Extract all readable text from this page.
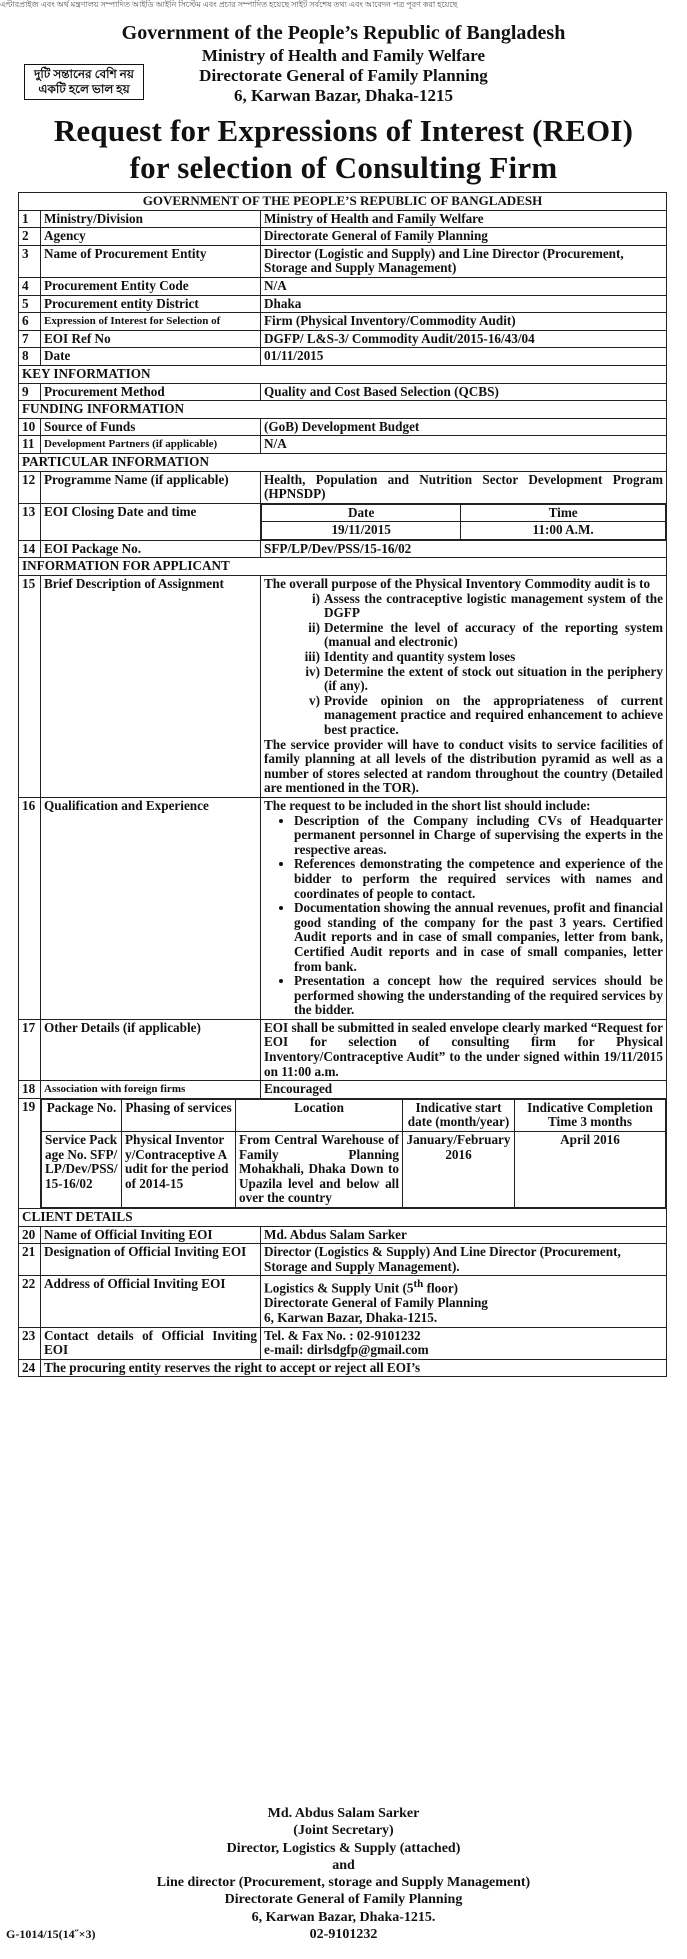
এন্টারপ্রাইজ এবং অর্থ মন্ত্রণালয় সম্পাদিত আইডি আইনি সিস্টেম এবং প্রচার সম্পাদিত হয়েছে সাইট সর্বশেষ তথ্য এবং আবেদন পত্র পূরণ করা হয়েছে
Government of the People’s Republic of Bangladesh
Ministry of Health and Family Welfare
Directorate General of Family Planning
6, Karwan Bazar, Dhaka-1215
দুটি সন্তানের বেশি নয়
একটি হলে ভাল হয়
Request for Expressions of Interest (REOI)
for selection of Consulting Firm
GOVERNMENT OF THE PEOPLE’S REPUBLIC OF BANGLADESH
1	Ministry/Division	Ministry of Health and Family Welfare
2	Agency	Directorate General of Family Planning
3	Name of Procurement Entity	Director (Logistic and Supply) and Line Director (Procurement, Storage and Supply Management)
4	Procurement Entity Code	N/A
5	Procurement entity District	Dhaka
6	Expression of Interest for Selection of	Firm (Physical Inventory/Commodity Audit)
7	EOI Ref No	DGFP/ L&S-3/ Commodity Audit/2015-16/43/04
8	Date	01/11/2015
KEY INFORMATION
9	Procurement Method	Quality and Cost Based Selection (QCBS)
FUNDING INFORMATION
10	Source of Funds	(GoB) Development Budget
11	Development Partners (if applicable)	N/A
PARTICULAR INFORMATION
12	Programme Name (if applicable)	Health, Population and Nutrition Sector Development Program (HPNSDP)
13	EOI Closing Date and time		Date	Time
19/11/2015	11:00 A.M.

14	EOI Package No.	SFP/LP/Dev/PSS/15-16/02
INFORMATION FOR APPLICANT
15	Brief Description of Assignment	The overall purpose of the Physical Inventory Commodity audit is to
i) Assess the contraceptive logistic management system of the DGFP
ii) Determine the level of accuracy of the reporting system (manual and electronic)
iii) Identity and quantity system loses
iv) Determine the extent of stock out situation in the periphery (if any).
v) Provide opinion on the appropriateness of current management practice and required enhancement to achieve best practice.
The service provider will have to conduct visits to service facilities of family planning at all levels of the distribution pyramid as well as a number of stores selected at random throughout the country (Detailed are mentioned in the TOR).

16	Qualification and Experience	The request to be included in the short list should include:
• Description of the Company including CVs of Headquarter permanent personnel in Charge of supervising the experts in the respective areas.
• References demonstrating the competence and experience of the bidder to perform the required services with names and coordinates of people to contact.
• Documentation showing the annual revenues, profit and financial good standing of the company for the past 3 years. Certified Audit reports and in case of small companies, letter from bank, Certified Audit reports and in case of small companies, letter from bank.
• Presentation a concept how the required services should be performed showing the understanding of the required services by the bidder.

17	Other Details (if applicable)	EOI shall be submitted in sealed envelope clearly marked “Request for EOI for selection of consulting firm for Physical Inventory/Contraceptive Audit” to the under signed within 19/11/2015 on 11:00 a.m.
18	Association with foreign firms	Encouraged
19	Package No.	Phasing of services	Location	Indicative start date (month/year)	Indicative Completion Time 3 months
Service Package No. SFP/LP/Dev/PSS/15-16/02	Physical Inventory/Contraceptive Audit for the period of 2014-15	From Central Warehouse of Family Planning Mohakhali, Dhaka Down to Upazila level and below all over the country	January/February 2016	April 2016

CLIENT DETAILS
20	Name of Official Inviting EOI	Md. Abdus Salam Sarker
21	Designation of Official Inviting EOI	Director (Logistics & Supply) And Line Director (Procurement, Storage and Supply Management).
22	Address of Official Inviting EOI	Logistics & Supply Unit (5th floor)
Directorate General of Family Planning
6, Karwan Bazar, Dhaka-1215.

23	Contact details of Official Inviting EOI	
Tel. & Fax No. : 02-9101232
e-mail: dirlsdgfp@gmail.com

24	The procuring entity reserves the right to accept or reject all EOI’s
Md. Abdus Salam Sarker
(Joint Secretary)
Director, Logistics & Supply (attached)
and
Line director (Procurement, storage and Supply Management)
Directorate General of Family Planning
6, Karwan Bazar, Dhaka-1215.
02-9101232
G-1014/15(14˝×3)
